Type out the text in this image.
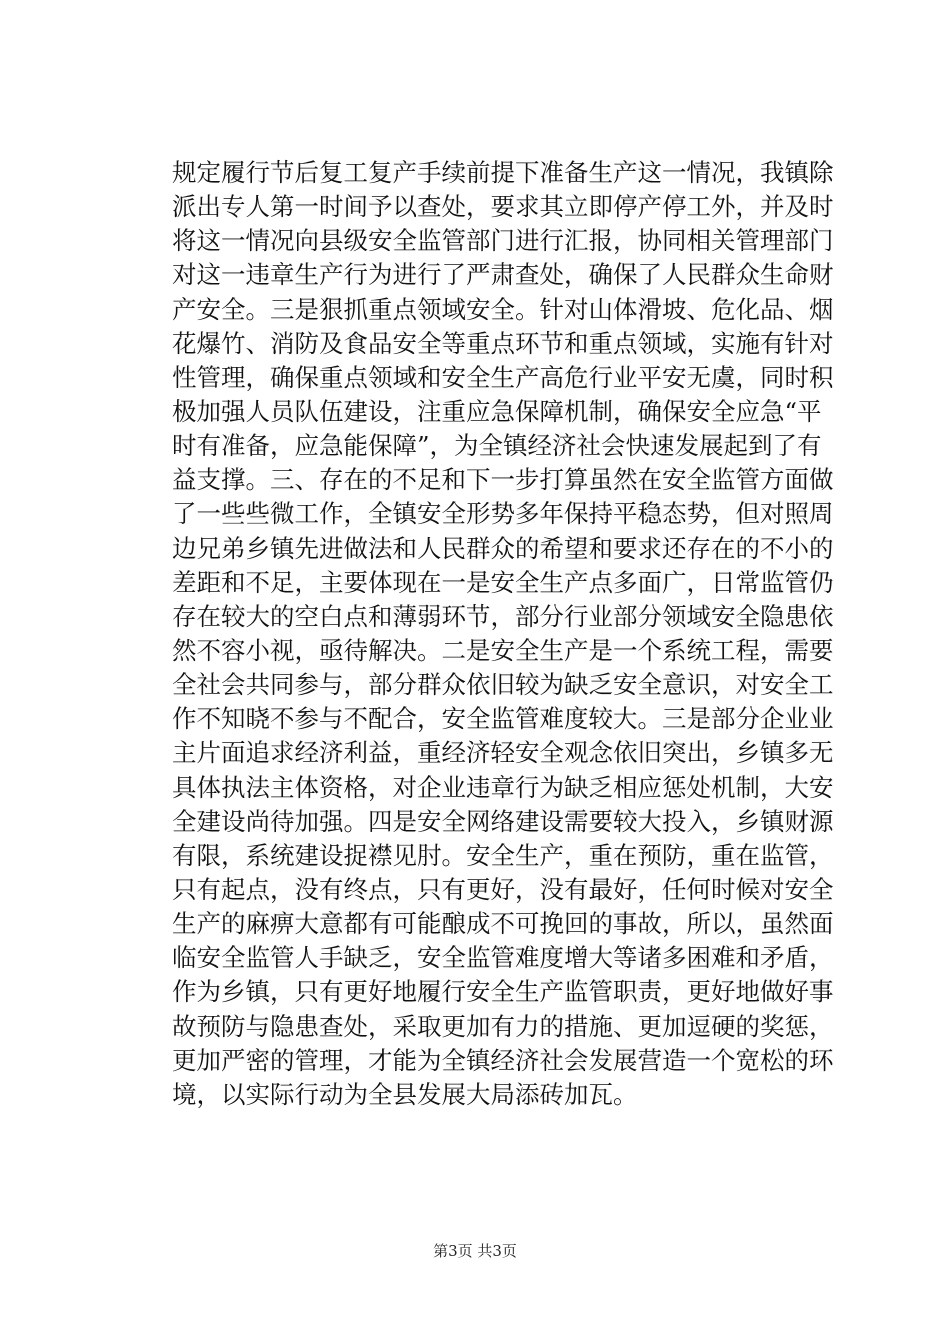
规定履行节后复工复产手续前提下准备生产这一情况，我镇除
派出专人第一时间予以查处，要求其立即停产停工外，并及时
将这一情况向县级安全监管部门进行汇报，协同相关管理部门
对这一违章生产行为进行了严肃查处，确保了人民群众生命财
产安全。三是狠抓重点领域安全。针对山体滑坡、危化品、烟
花爆竹、消防及食品安全等重点环节和重点领域，实施有针对
性管理，确保重点领域和安全生产高危行业平安无虞，同时积
极加强人员队伍建设，注重应急保障机制，确保安全应急“平
时有准备，应急能保障”，为全镇经济社会快速发展起到了有
益支撑。三、存在的不足和下一步打算虽然在安全监管方面做
了一些些微工作，全镇安全形势多年保持平稳态势，但对照周
边兄弟乡镇先进做法和人民群众的希望和要求还存在的不小的
差距和不足，主要体现在一是安全生产点多面广，日常监管仍
存在较大的空白点和薄弱环节，部分行业部分领域安全隐患依
然不容小视，亟待解决。二是安全生产是一个系统工程，需要
全社会共同参与，部分群众依旧较为缺乏安全意识，对安全工
作不知晓不参与不配合，安全监管难度较大。三是部分企业业
主片面追求经济利益，重经济轻安全观念依旧突出，乡镇多无
具体执法主体资格，对企业违章行为缺乏相应惩处机制，大安
全建设尚待加强。四是安全网络建设需要较大投入，乡镇财源
有限，系统建设捉襟见肘。安全生产，重在预防，重在监管，
只有起点，没有终点，只有更好，没有最好，任何时候对安全
生产的麻痹大意都有可能酿成不可挽回的事故，所以，虽然面
临安全监管人手缺乏，安全监管难度增大等诸多困难和矛盾，
作为乡镇，只有更好地履行安全生产监管职责，更好地做好事
故预防与隐患查处，采取更加有力的措施、更加逗硬的奖惩，
更加严密的管理，才能为全镇经济社会发展营造一个宽松的环
境，以实际行动为全县发展大局添砖加瓦。
第3页 共3页
